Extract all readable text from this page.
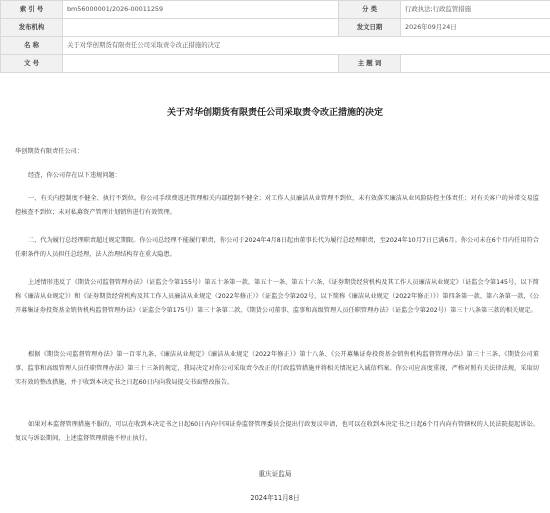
索 引 号	bm56000001/2026-00011259	分 类	行政执法;行政监管措施
发布机构		发文日期	2026年09月24日
名 称	关于对华创期货有限责任公司采取责令改正措施的决定		
文 号		主 题 词	
关于对华创期货有限责任公司采取责令改正措施的决定
华创期货有限责任公司：
经查，你公司存在以下违规问题：
一、有关内控制度不健全、执行不到位。你公司手续费返还管理相关内部控制不健全；对工作人员廉洁从业管理不到位，未有效落实廉洁从业风险防控主体责任；对有关客户的异常交易监控核查不到位；未对私募资产管理计划销售进行有效管理。
二、代为履行总经理职责超过规定期限。你公司总经理不能履行职责，你公司于2024年4月8日起由董事长代为履行总经理职责，至2024年10月7日已满6月。你公司未在6个月内任用符合任职条件的人员担任总经理，法人治理结构存在重大隐患。
上述情形违反了《期货公司监督管理办法》（证监会令第155号）第五十条第一款、第五十一条、第五十六条，《证券期货经营机构及其工作人员廉洁从业规定》（证监会令第145号，以下简称《廉洁从业规定》）和《证券期货经营机构及其工作人员廉洁从业规定（2022年修正）》（证监会令第202号，以下简称《廉洁从业规定（2022年修正）》）第四条第一款、第六条第一款，《公开募集证券投资基金销售机构监督管理办法》（证监会令第175号）第三十条第二款，《期货公司董事、监事和高级管理人员任职管理办法》（证监会令第202号）第三十八条第三款的相关规定。
根据《期货公司监督管理办法》第一百零九条、《廉洁从业规定》《廉洁从业规定（2022年修正）》第十八条、《公开募集证券投资基金销售机构监督管理办法》第三十三条、《期货公司董事、监事和高级管理人员任职管理办法》第三十三条的规定，我局决定对你公司采取责令改正的行政监管措施并将相关情况记入诚信档案。你公司应高度重视，严格对照有关法律法规，采取切实有效的整改措施，并于收到本决定书之日起60日内向我局提交书面整改报告。
如果对本监督管理措施不服的，可以在收到本决定书之日起60日内向中国证券监督管理委员会提出行政复议申请，也可以在收到本决定书之日起6个月内向有管辖权的人民法院提起诉讼。复议与诉讼期间，上述监督管理措施不停止执行。
重庆证监局
2024年11月8日
